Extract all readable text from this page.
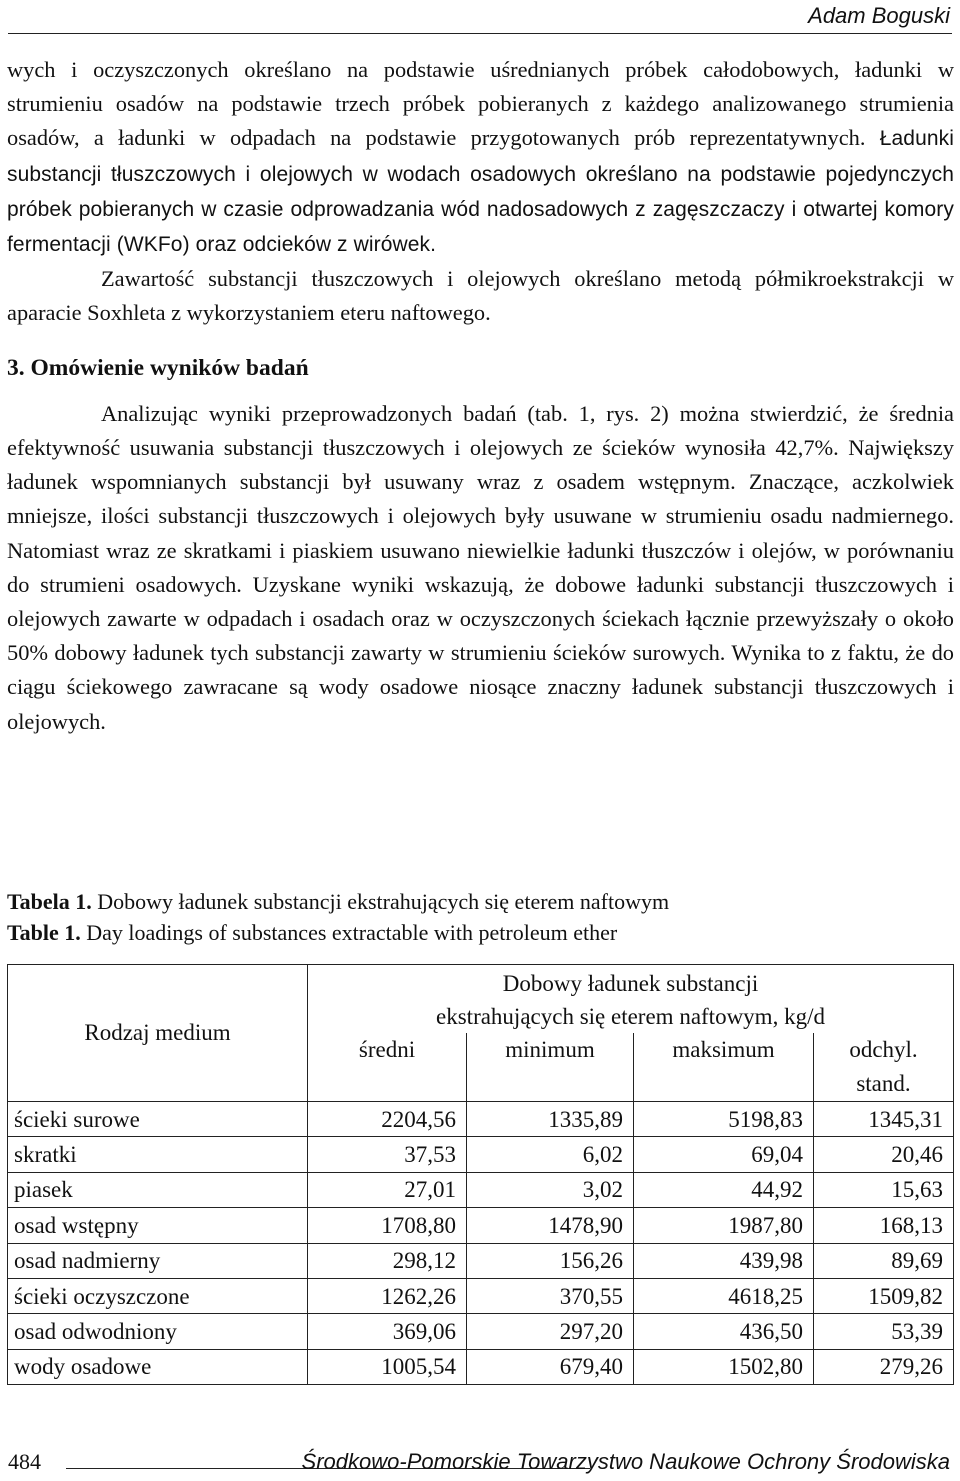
Adam Boguski

wych i oczyszczonych określano na podstawie uśrednianych próbek całodobowych, ładunki w strumieniu osadów na podstawie trzech próbek pobieranych z każdego analizowanego strumienia osadów, a ładunki w odpadach na podstawie przygotowanych prób reprezentatywnych. Ładunki substancji tłuszczowych i olejowych w wodach osadowych określano na podstawie pojedynczych próbek pobieranych w czasie odprowadzania wód nadosadowych z zagęszczaczy i otwartej komory fermentacji (WKFo) oraz odcieków z wirówek.

Zawartość substancji tłuszczowych i olejowych określano metodą półmikroekstrakcji w aparacie Soxhleta z wykorzystaniem eteru naftowego.

3. Omówienie wyników badań

Analizując wyniki przeprowadzonych badań (tab. 1, rys. 2) można stwierdzić, że średnia efektywność usuwania substancji tłuszczowych i olejowych ze ścieków wynosiła 42,7%. Największy ładunek wspomnianych substancji był usuwany wraz z osadem wstępnym. Znaczące, aczkolwiek mniejsze, ilości substancji tłuszczowych i olejowych były usuwane w strumieniu osadu nadmiernego. Natomiast wraz ze skratkami i piaskiem usuwano niewielkie ładunki tłuszczów i olejów, w porównaniu do strumieni osadowych. Uzyskane wyniki wskazują, że dobowe ładunki substancji tłuszczowych i olejowych zawarte w odpadach i osadach oraz w oczyszczonych ściekach łącznie przewyższały o około 50% dobowy ładunek tych substancji zawarty w strumieniu ścieków surowych. Wynika to z faktu, że do ciągu ściekowego zawracane są wody osadowe niosące znaczny ładunek substancji tłuszczowych i olejowych.

Tabela 1. Dobowy ładunek substancji ekstrahujących się eterem naftowym
Table 1. Day loadings of substances extractable with petroleum ether
Rodzaj medium	Dobowy ładunek substancji
ekstrahujących się eterem naftowym, kg/d			

	średni	minimum	maksimum	odchyl.
stand.

ścieki surowe	2204,56	1335,89	5198,83	1345,31
skratki	37,53	6,02	69,04	20,46
piasek	27,01	3,02	44,92	15,63
osad wstępny	1708,80	1478,90	1987,80	168,13
osad nadmierny	298,12	156,26	439,98	89,69
ścieki oczyszczone	1262,26	370,55	4618,25	1509,82
osad odwodniony	369,06	297,20	436,50	53,39
wody osadowe	1005,54	679,40	1502,80	279,26
484	Środkowo-Pomorskie Towarzystwo Naukowe Ochrony Środowiska
